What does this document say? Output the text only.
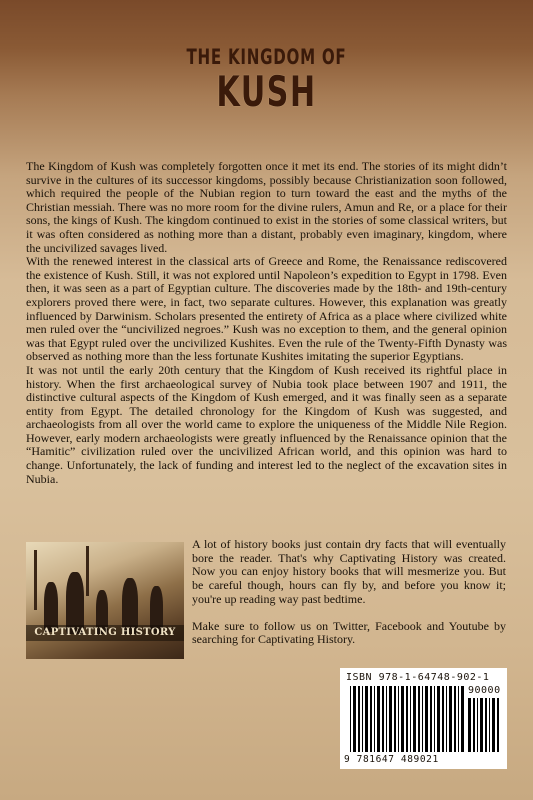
THE KINGDOM OF
KUSH

The Kingdom of Kush was completely forgotten once it met its end. The stories of its might didn’t survive in the cultures of its successor kingdoms, possibly because Christianization soon followed, which required the people of the Nubian region to turn toward the east and the myths of the Christian messiah. There was no more room for the divine rulers, Amun and Re, or a place for their sons, the kings of Kush. The kingdom continued to exist in the stories of some classical writers, but it was often considered as nothing more than a distant, probably even imaginary, kingdom, where the uncivilized savages lived.

With the renewed interest in the classical arts of Greece and Rome, the Renaissance rediscovered the existence of Kush. Still, it was not explored until Napoleon’s expedition to Egypt in 1798. Even then, it was seen as a part of Egyptian culture. The discoveries made by the 18th- and 19th-century explorers proved there were, in fact, two separate cultures. However, this explanation was greatly influenced by Darwinism. Scholars presented the entirety of Africa as a place where civilized white men ruled over the “uncivilized negroes.” Kush was no exception to them, and the general opinion was that Egypt ruled over the uncivilized Kushites. Even the rule of the Twenty-Fifth Dynasty was observed as nothing more than the less fortunate Kushites imitating the superior Egyptians.

It was not until the early 20th century that the Kingdom of Kush received its rightful place in history. When the first archaeological survey of Nubia took place between 1907 and 1911, the distinctive cultural aspects of the Kingdom of Kush emerged, and it was finally seen as a separate entity from Egypt. The detailed chronology for the Kingdom of Kush was suggested, and archaeologists from all over the world came to explore the uniqueness of the Middle Nile Region. However, early modern archaeologists were greatly influenced by the Renaissance opinion that the “Hamitic” civilization ruled over the uncivilized African world, and this opinion was hard to change. Unfortunately, the lack of funding and interest led to the neglect of the excavation sites in Nubia.

CAPTIVATING HISTORY

A lot of history books just contain dry facts that will eventually bore the reader. That's why Captivating History was created. Now you can enjoy history books that will mesmerize you. But be careful though, hours can fly by, and before you know it; you're up reading way past bedtime.

Make sure to follow us on Twitter, Facebook and Youtube by searching for Captivating History.

ISBN 978-1-64748-902-1
90000
9 781647 489021
